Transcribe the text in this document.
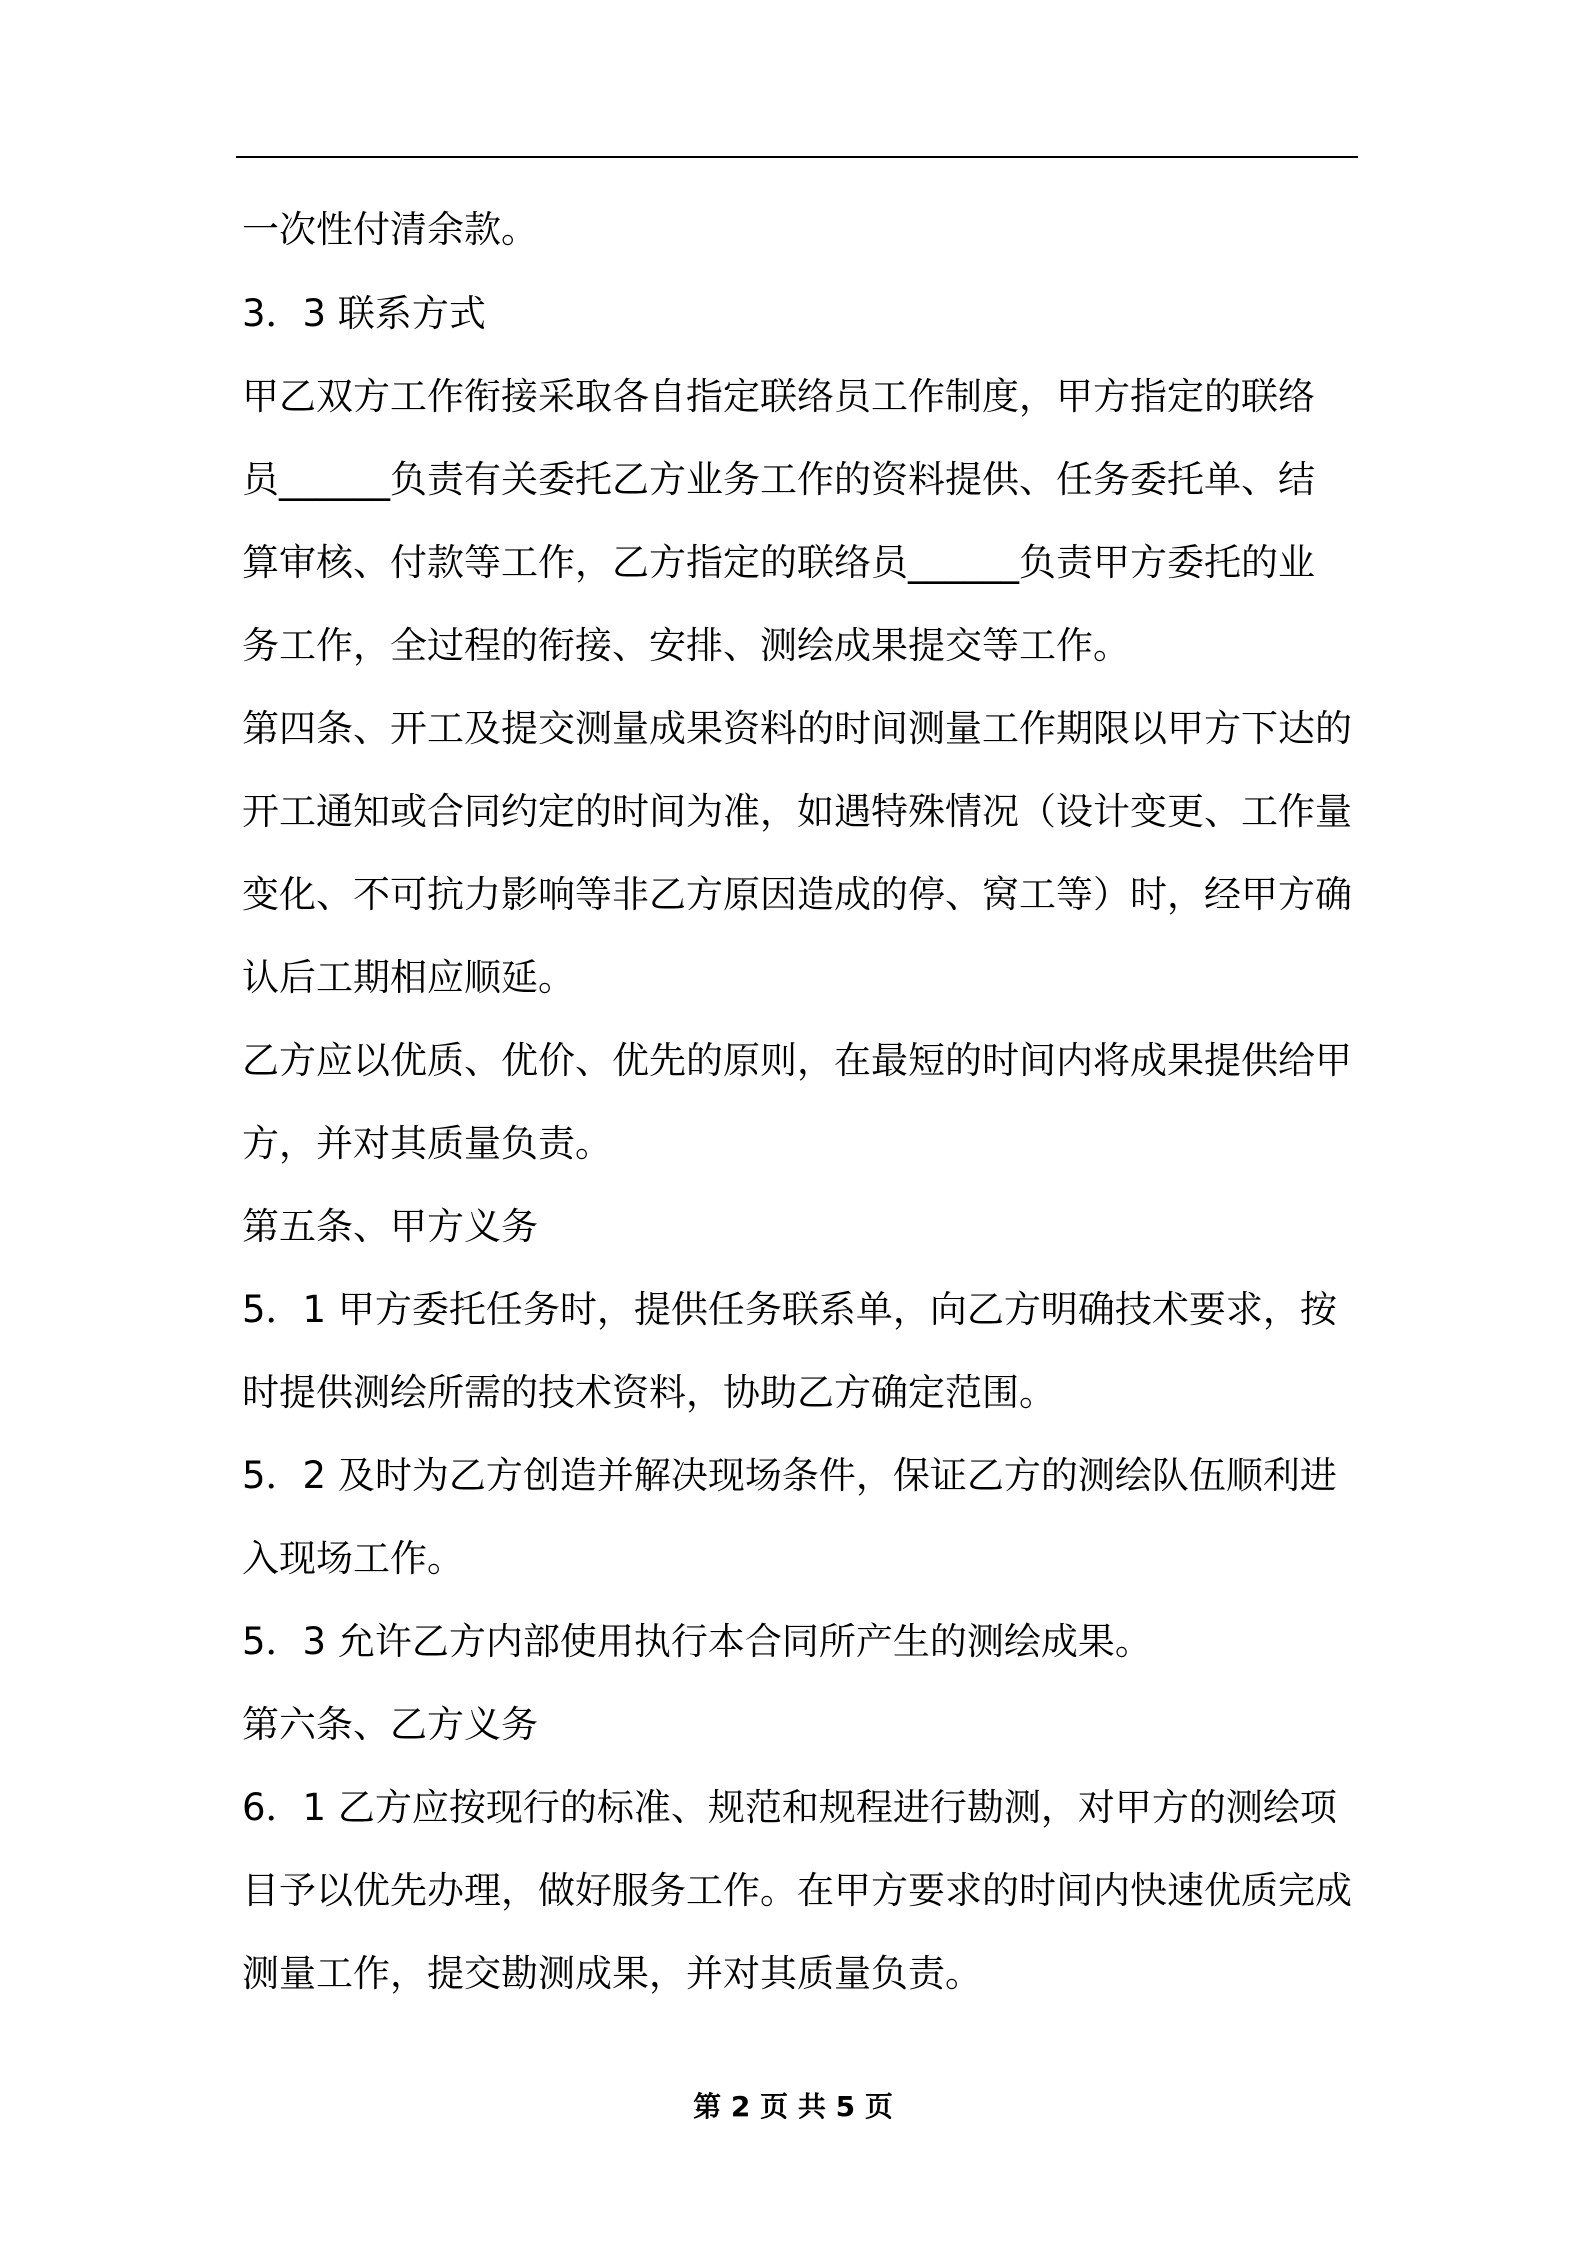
一次性付清余款。

3．3 联系方式

甲乙双方工作衔接采取各自指定联络员工作制度，甲方指定的联络

员______负责有关委托乙方业务工作的资料提供、任务委托单、结

算审核、付款等工作，乙方指定的联络员______负责甲方委托的业

务工作，全过程的衔接、安排、测绘成果提交等工作。

第四条、开工及提交测量成果资料的时间测量工作期限以甲方下达的

开工通知或合同约定的时间为准，如遇特殊情况（设计变更、工作量

变化、不可抗力影响等非乙方原因造成的停、窝工等）时，经甲方确

认后工期相应顺延。

乙方应以优质、优价、优先的原则，在最短的时间内将成果提供给甲

方，并对其质量负责。

第五条、甲方义务

5．1 甲方委托任务时，提供任务联系单，向乙方明确技术要求，按

时提供测绘所需的技术资料，协助乙方确定范围。

5．2 及时为乙方创造并解决现场条件，保证乙方的测绘队伍顺利进

入现场工作。

5．3 允许乙方内部使用执行本合同所产生的测绘成果。

第六条、乙方义务

6．1 乙方应按现行的标准、规范和规程进行勘测，对甲方的测绘项

目予以优先办理，做好服务工作。在甲方要求的时间内快速优质完成

测量工作，提交勘测成果，并对其质量负责。

第 2 页 共 5 页
